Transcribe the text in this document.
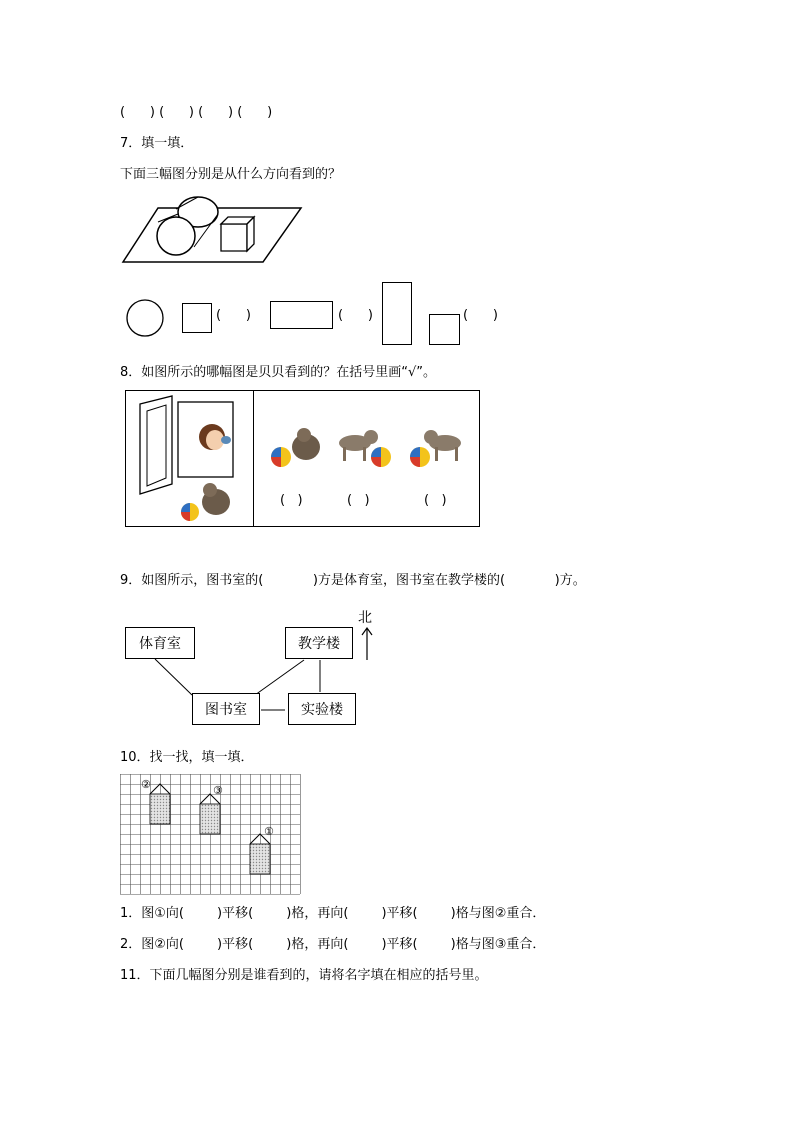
(      ) (      ) (      ) (      )
7．填一填．
下面三幅图分别是从什么方向看到的？
(      )	(      )	(      )
8．如图所示的哪幅图是贝贝看到的？在括号里画“√”。
(   )	(   )	(   )
9．如图所示，图书室的(            )方是体育室，图书室在教学楼的(            )方。
北
体育室	教学楼
图书室	实验楼
10．找一找，填一填．
②	③
①
1．图①向(        )平移(        )格，再向(        )平移(        )格与图②重合．
2．图②向(        )平移(        )格，再向(        )平移(        )格与图③重合．
11．下面几幅图分别是谁看到的，请将名字填在相应的括号里。
